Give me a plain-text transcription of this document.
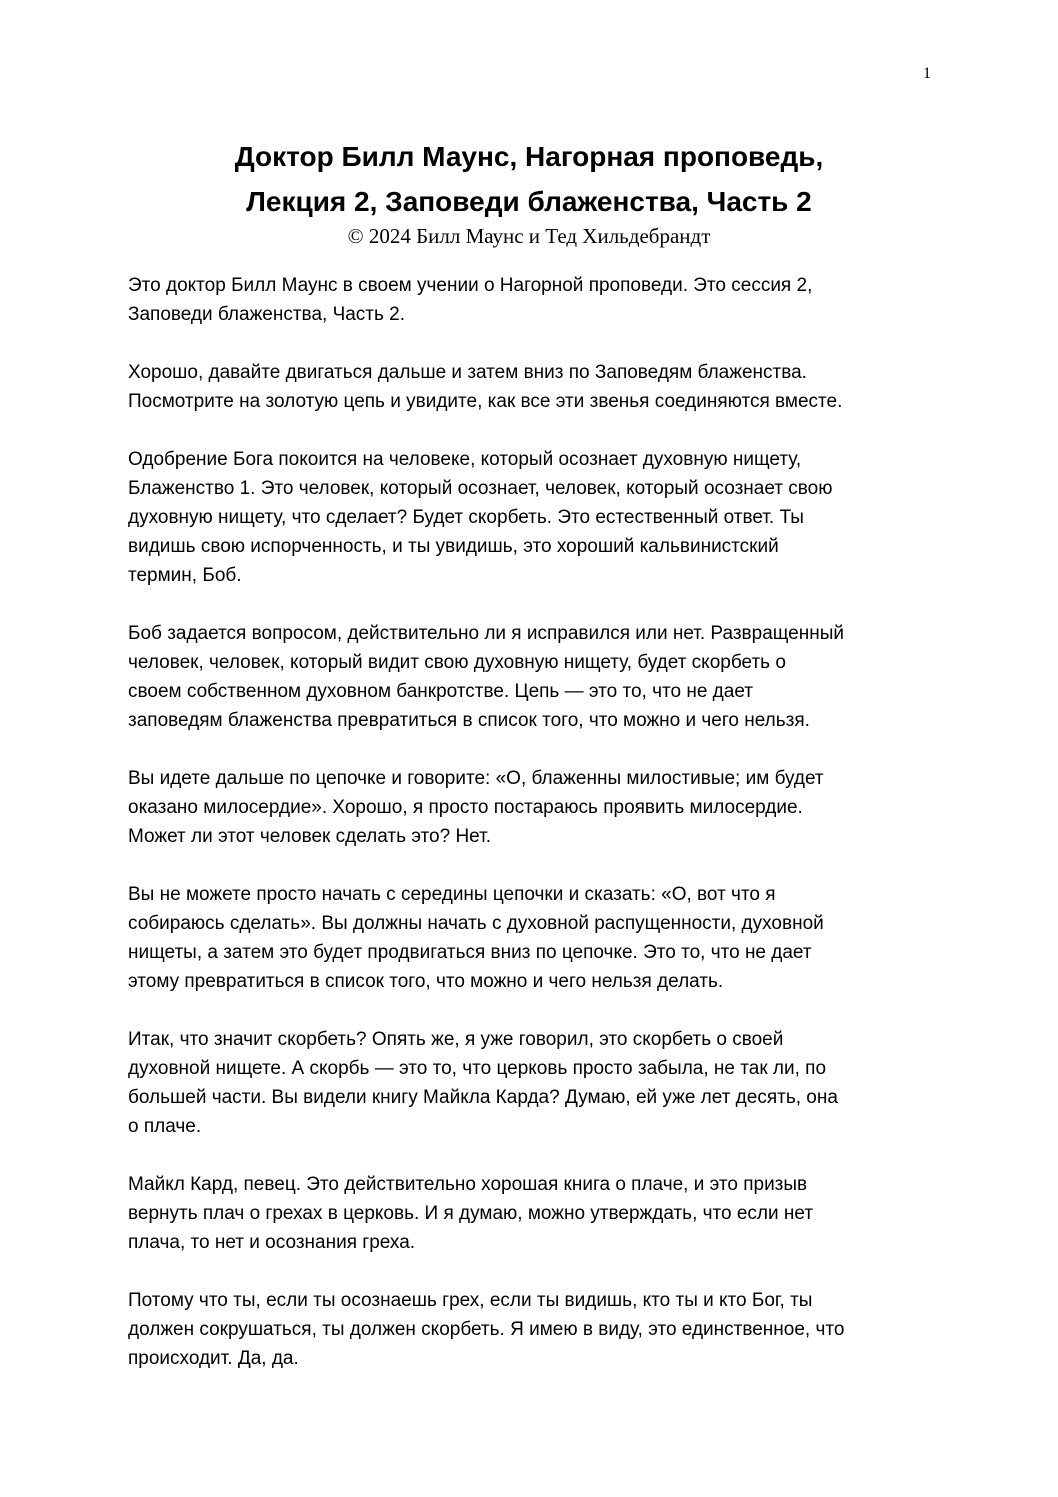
1

Доктор Билл Маунс, Нагорная проповедь,

Лекция 2, Заповеди блаженства, Часть 2

© 2024 Билл Маунс и Тед Хильдебрандт

Это доктор Билл Маунс в своем учении о Нагорной проповеди. Это сессия 2,
Заповеди блаженства, Часть 2.

Хорошо, давайте двигаться дальше и затем вниз по Заповедям блаженства.
Посмотрите на золотую цепь и увидите, как все эти звенья соединяются вместе.

Одобрение Бога покоится на человеке, который осознает духовную нищету,
Блаженство 1. Это человек, который осознает, человек, который осознает свою
духовную нищету, что сделает? Будет скорбеть. Это естественный ответ. Ты
видишь свою испорченность, и ты увидишь, это хороший кальвинистский
термин, Боб.

Боб задается вопросом, действительно ли я исправился или нет. Развращенный
человек, человек, который видит свою духовную нищету, будет скорбеть о
своем собственном духовном банкротстве. Цепь — это то, что не дает
заповедям блаженства превратиться в список того, что можно и чего нельзя.

Вы идете дальше по цепочке и говорите: «О, блаженны милостивые; им будет
оказано милосердие». Хорошо, я просто постараюсь проявить милосердие.
Может ли этот человек сделать это? Нет.

Вы не можете просто начать с середины цепочки и сказать: «О, вот что я
собираюсь сделать». Вы должны начать с духовной распущенности, духовной
нищеты, а затем это будет продвигаться вниз по цепочке. Это то, что не дает
этому превратиться в список того, что можно и чего нельзя делать.

Итак, что значит скорбеть? Опять же, я уже говорил, это скорбеть о своей
духовной нищете. А скорбь — это то, что церковь просто забыла, не так ли, по
большей части. Вы видели книгу Майкла Карда? Думаю, ей уже лет десять, она
о плаче.

Майкл Кард, певец. Это действительно хорошая книга о плаче, и это призыв
вернуть плач о грехах в церковь. И я думаю, можно утверждать, что если нет
плача, то нет и осознания греха.

Потому что ты, если ты осознаешь грех, если ты видишь, кто ты и кто Бог, ты
должен сокрушаться, ты должен скорбеть. Я имею в виду, это единственное, что
происходит. Да, да.
